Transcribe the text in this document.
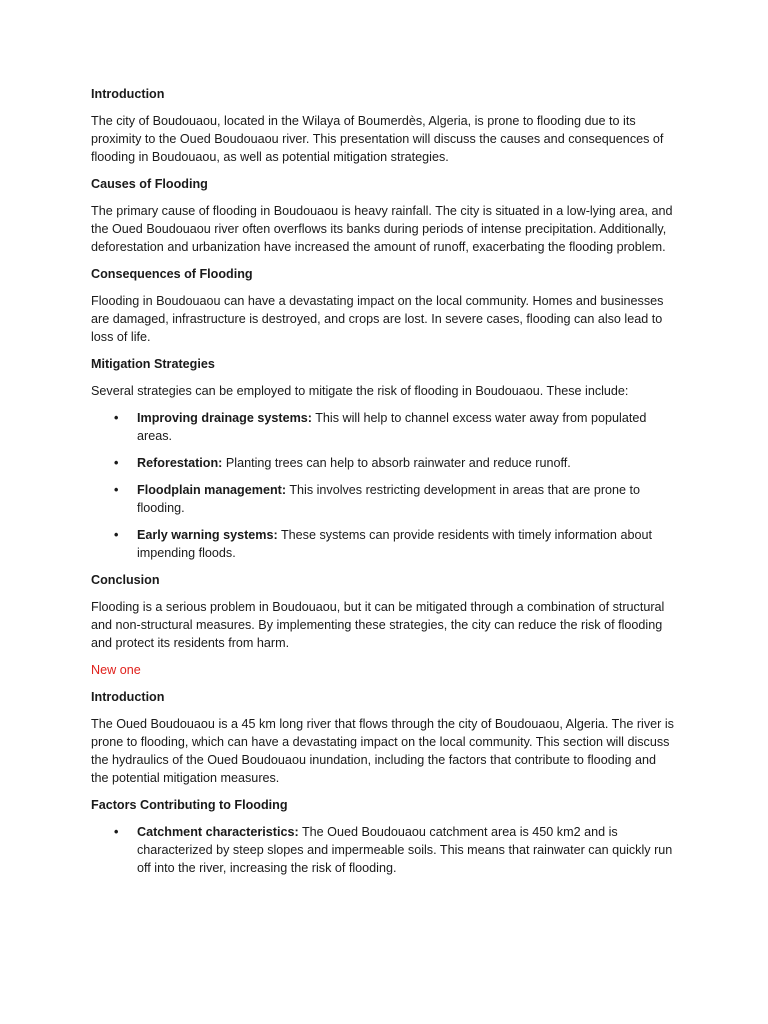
Introduction
The city of Boudouaou, located in the Wilaya of Boumerdès, Algeria, is prone to flooding due to its proximity to the Oued Boudouaou river. This presentation will discuss the causes and consequences of flooding in Boudouaou, as well as potential mitigation strategies.
Causes of Flooding
The primary cause of flooding in Boudouaou is heavy rainfall. The city is situated in a low-lying area, and the Oued Boudouaou river often overflows its banks during periods of intense precipitation. Additionally, deforestation and urbanization have increased the amount of runoff, exacerbating the flooding problem.
Consequences of Flooding
Flooding in Boudouaou can have a devastating impact on the local community. Homes and businesses are damaged, infrastructure is destroyed, and crops are lost. In severe cases, flooding can also lead to loss of life.
Mitigation Strategies
Several strategies can be employed to mitigate the risk of flooding in Boudouaou. These include:
• Improving drainage systems: This will help to channel excess water away from populated areas.
• Reforestation: Planting trees can help to absorb rainwater and reduce runoff.
• Floodplain management: This involves restricting development in areas that are prone to flooding.
• Early warning systems: These systems can provide residents with timely information about impending floods.
Conclusion
Flooding is a serious problem in Boudouaou, but it can be mitigated through a combination of structural and non-structural measures. By implementing these strategies, the city can reduce the risk of flooding and protect its residents from harm.
New one
Introduction
The Oued Boudouaou is a 45 km long river that flows through the city of Boudouaou, Algeria. The river is prone to flooding, which can have a devastating impact on the local community. This section will discuss the hydraulics of the Oued Boudouaou inundation, including the factors that contribute to flooding and the potential mitigation measures.
Factors Contributing to Flooding
• Catchment characteristics: The Oued Boudouaou catchment area is 450 km2 and is characterized by steep slopes and impermeable soils. This means that rainwater can quickly run off into the river, increasing the risk of flooding.
